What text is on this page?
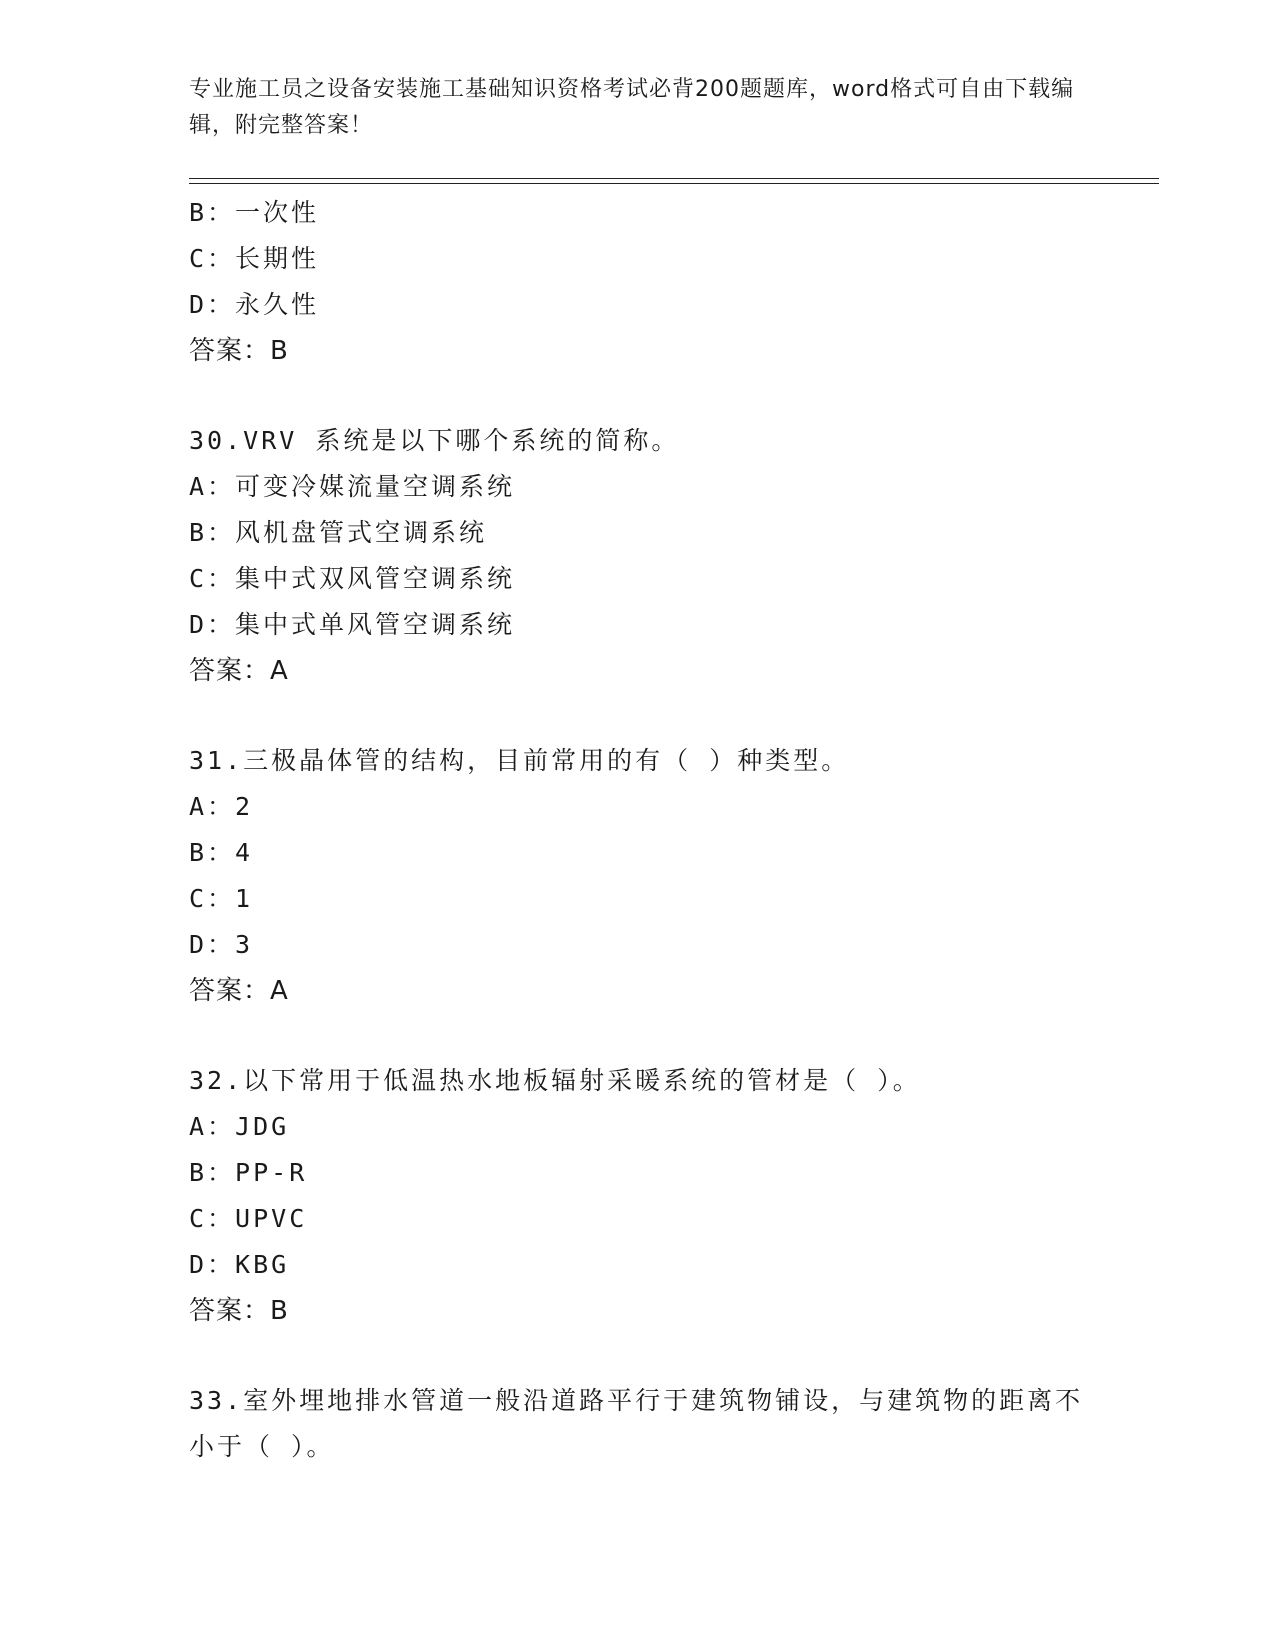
专业施工员之设备安装施工基础知识资格考试必背200题题库，word格式可自由下载编辑，附完整答案！
B：一次性
C：长期性
D：永久性
答案：B
30.VRV 系统是以下哪个系统的简称。
A：可变冷媒流量空调系统
B：风机盘管式空调系统
C：集中式双风管空调系统
D：集中式单风管空调系统
答案：A
31.三极晶体管的结构，目前常用的有（ ）种类型。
A：2
B：4
C：1
D：3
答案：A
32.以下常用于低温热水地板辐射采暖系统的管材是（ ）。
A：JDG
B：PP-R
C：UPVC
D：KBG
答案：B
33.室外埋地排水管道一般沿道路平行于建筑物铺设，与建筑物的距离不小于（ ）。
